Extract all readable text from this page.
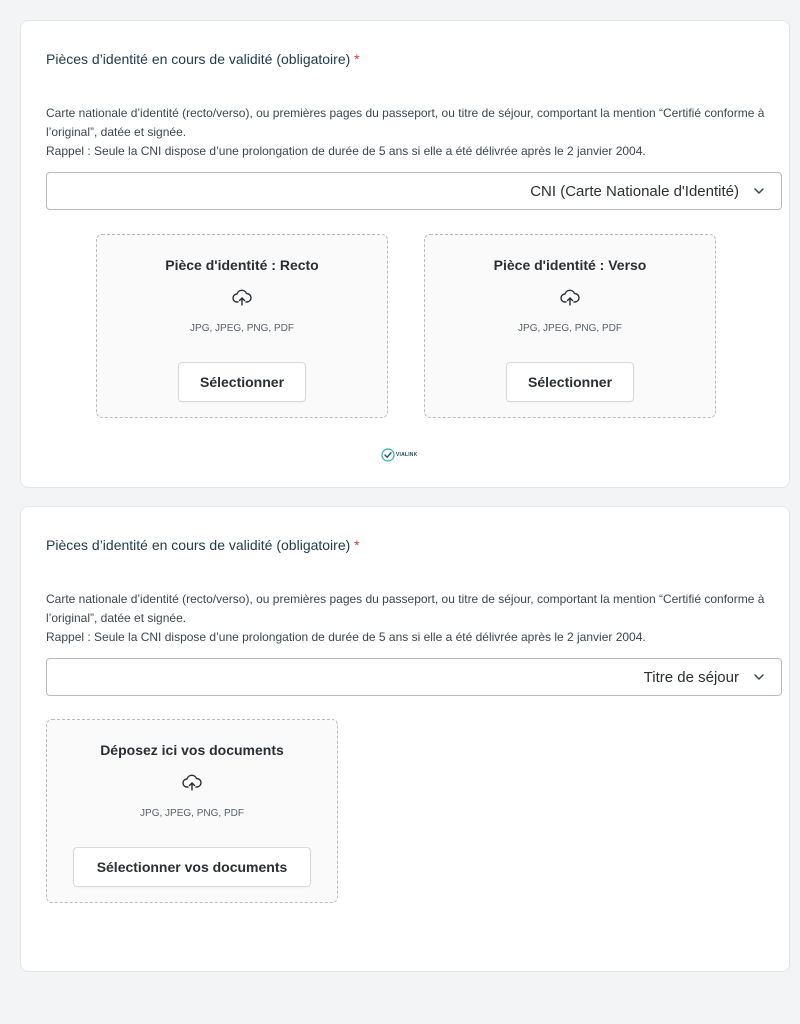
Pièces d’identité en cours de validité (obligatoire) *

Carte nationale d’identité (recto/verso), ou premières pages du passeport, ou titre de séjour, comportant la mention “Certifié conforme à l’original”, datée et signée.

Rappel : Seule la CNI dispose d’une prolongation de durée de 5 ans si elle a été délivrée après le 2 janvier 2004.

CNI (Carte Nationale d'Identité)
Pièce d'identité : Recto
JPG, JPEG, PNG, PDF
Sélectionner
Pièce d'identité : Verso
JPG, JPEG, PNG, PDF
Sélectionner
VIALINK
Pièces d’identité en cours de validité (obligatoire) *

Carte nationale d’identité (recto/verso), ou premières pages du passeport, ou titre de séjour, comportant la mention “Certifié conforme à l’original”, datée et signée.

Rappel : Seule la CNI dispose d’une prolongation de durée de 5 ans si elle a été délivrée après le 2 janvier 2004.

Titre de séjour
Déposez ici vos documents
JPG, JPEG, PNG, PDF
Sélectionner vos documents
